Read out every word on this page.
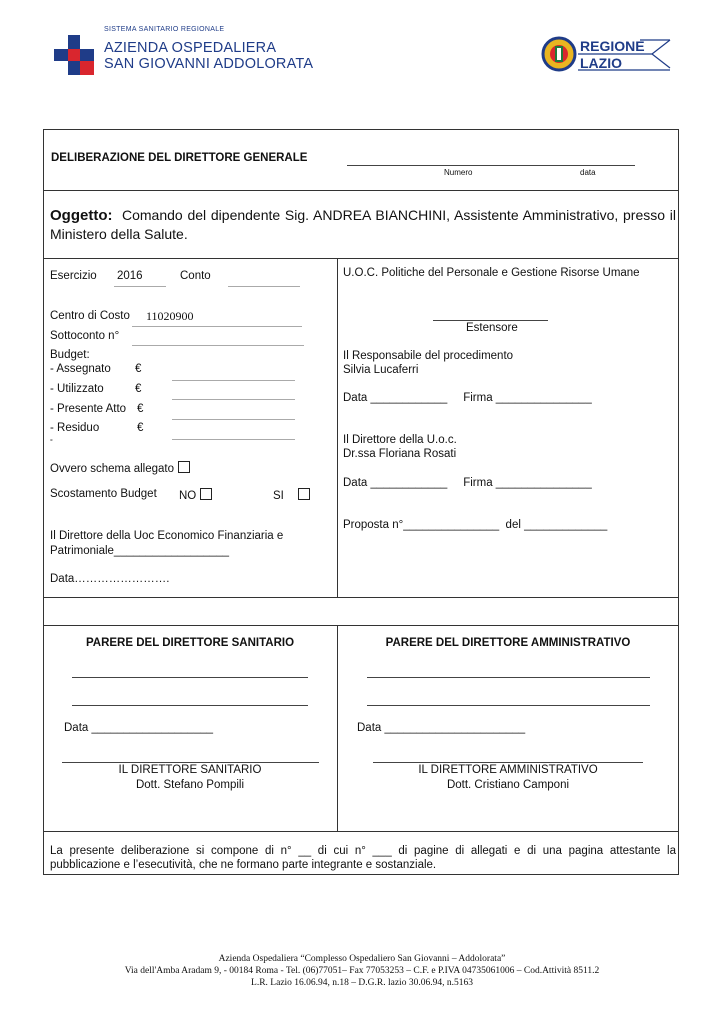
SISTEMA SANITARIO REGIONALE
AZIENDA OSPEDALIERA
SAN GIOVANNI ADDOLORATA
REGIONE
LAZIO
DELIBERAZIONE DEL DIRETTORE GENERALE
Numero	data
Oggetto: Comando del dipendente Sig. ANDREA BIANCHINI, Assistente Amministrativo, presso il Ministero della Salute.
Esercizio 2016	Conto
Centro di Costo 11020900
Sottoconto n°
Budget:
- Assegnato €
- Utilizzato	€
- Presente Atto €
- Residuo	€
°
Ovvero schema allegato
Scostamento Budget NO	SI
Il Direttore della Uoc Economico Finanziaria e
Patrimoniale__________________
Data…………………….
U.O.C. Politiche del Personale e Gestione Risorse Umane
Estensore
Il Responsabile del procedimento
Silvia Lucaferri
Data ____________     Firma _______________
Il Direttore della U.o.c.
Dr.ssa Floriana Rosati
Data ____________     Firma _______________
Proposta n°_______________  del _____________
PARERE DEL DIRETTORE SANITARIO
Data ___________________
IL DIRETTORE SANITARIO
Dott. Stefano Pompili
PARERE DEL DIRETTORE AMMINISTRATIVO
Data ______________________
IL DIRETTORE AMMINISTRATIVO
Dott. Cristiano Camponi
La presente deliberazione si compone di n° __ di cui n° ___ di pagine di allegati e di una pagina attestante la pubblicazione e l’esecutività, che ne formano parte integrante e sostanziale.
Azienda Ospedaliera “Complesso Ospedaliero San Giovanni – Addolorata”
Via dell'Amba Aradam 9, - 00184 Roma - Tel. (06)77051– Fax 77053253 – C.F. e P.IVA 04735061006 – Cod.Attività 8511.2
L.R. Lazio 16.06.94, n.18 – D.G.R. lazio 30.06.94, n.5163
